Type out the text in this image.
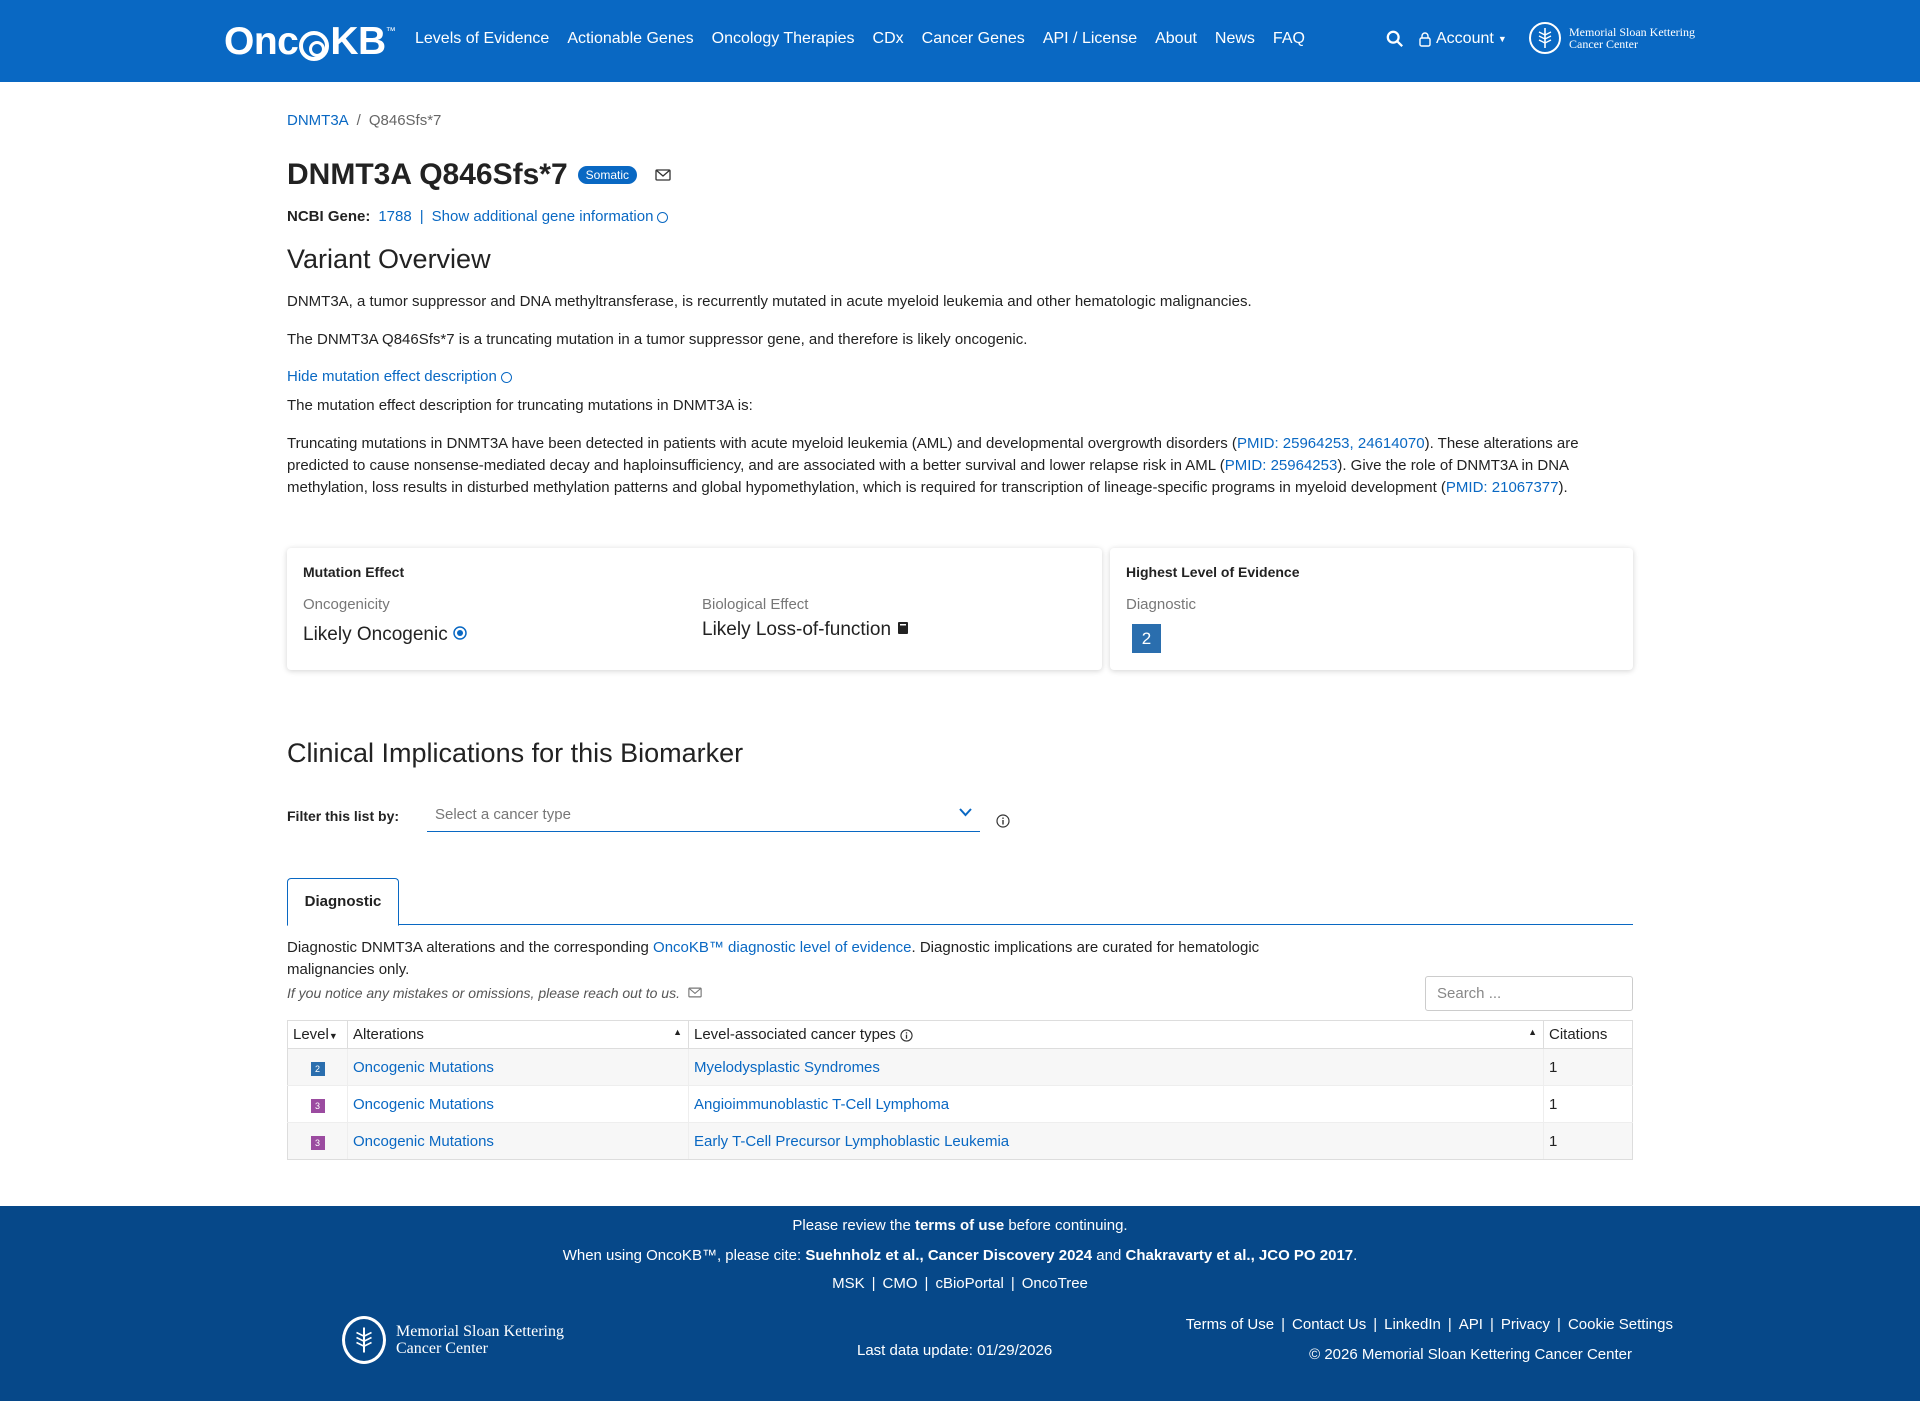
Onc KB ™ Levels of Evidence Actionable Genes Oncology Therapies CDx Cancer Genes API / License About News FAQ	Account ▼	Memorial Sloan Kettering
Cancer Center
DNMT3A / Q846Sfs*7
DNMT3A Q846Sfs*7	Somatic
NCBI Gene: 1788 | Show additional gene information
Variant Overview

DNMT3A, a tumor suppressor and DNA methyltransferase, is recurrently mutated in acute myeloid leukemia and other hematologic malignancies.

The DNMT3A Q846Sfs*7 is a truncating mutation in a tumor suppressor gene, and therefore is likely oncogenic.

Hide mutation effect description

The mutation effect description for truncating mutations in DNMT3A is:

Truncating mutations in DNMT3A have been detected in patients with acute myeloid leukemia (AML) and developmental overgrowth disorders (PMID: 25964253, 24614070). These alterations are predicted to cause nonsense-mediated decay and haploinsufficiency, and are associated with a better survival and lower relapse risk in AML (PMID: 25964253). Give the role of DNMT3A in DNA methylation, loss results in disturbed methylation patterns and global hypomethylation, which is required for transcription of lineage-specific programs in myeloid development (PMID: 21067377).

Mutation Effect
Oncogenicity
Likely Oncogenic
Biological Effect
Likely Loss-of-function
Highest Level of Evidence
Diagnostic
2
Clinical Implications for this Biomarker
Filter this list by:	Select a cancer type
Diagnostic

Diagnostic DNMT3A alterations and the corresponding OncoKB™ diagnostic level of evidence. Diagnostic implications are curated for hematologic malignancies only.

If you notice any mistakes or omissions, please reach out to us.	Search ...
Level▼	Alterations ▲	Level-associated cancer types ▲	Citations
2	Oncogenic Mutations	Myelodysplastic Syndromes	1
3	Oncogenic Mutations	Angioimmunoblastic T-Cell Lymphoma	1
3	Oncogenic Mutations	Early T-Cell Precursor Lymphoblastic Leukemia	1
Please review the terms of use before continuing.
When using OncoKB™, please cite: Suehnholz et al., Cancer Discovery 2024 and Chakravarty et al., JCO PO 2017.
MSK | CMO | cBioPortal | OncoTree
Memorial Sloan Kettering
Cancer Center	Last data update: 01/29/2026
Terms of Use | Contact Us | LinkedIn | API | Privacy | Cookie Settings
© 2026 Memorial Sloan Kettering Cancer Center
